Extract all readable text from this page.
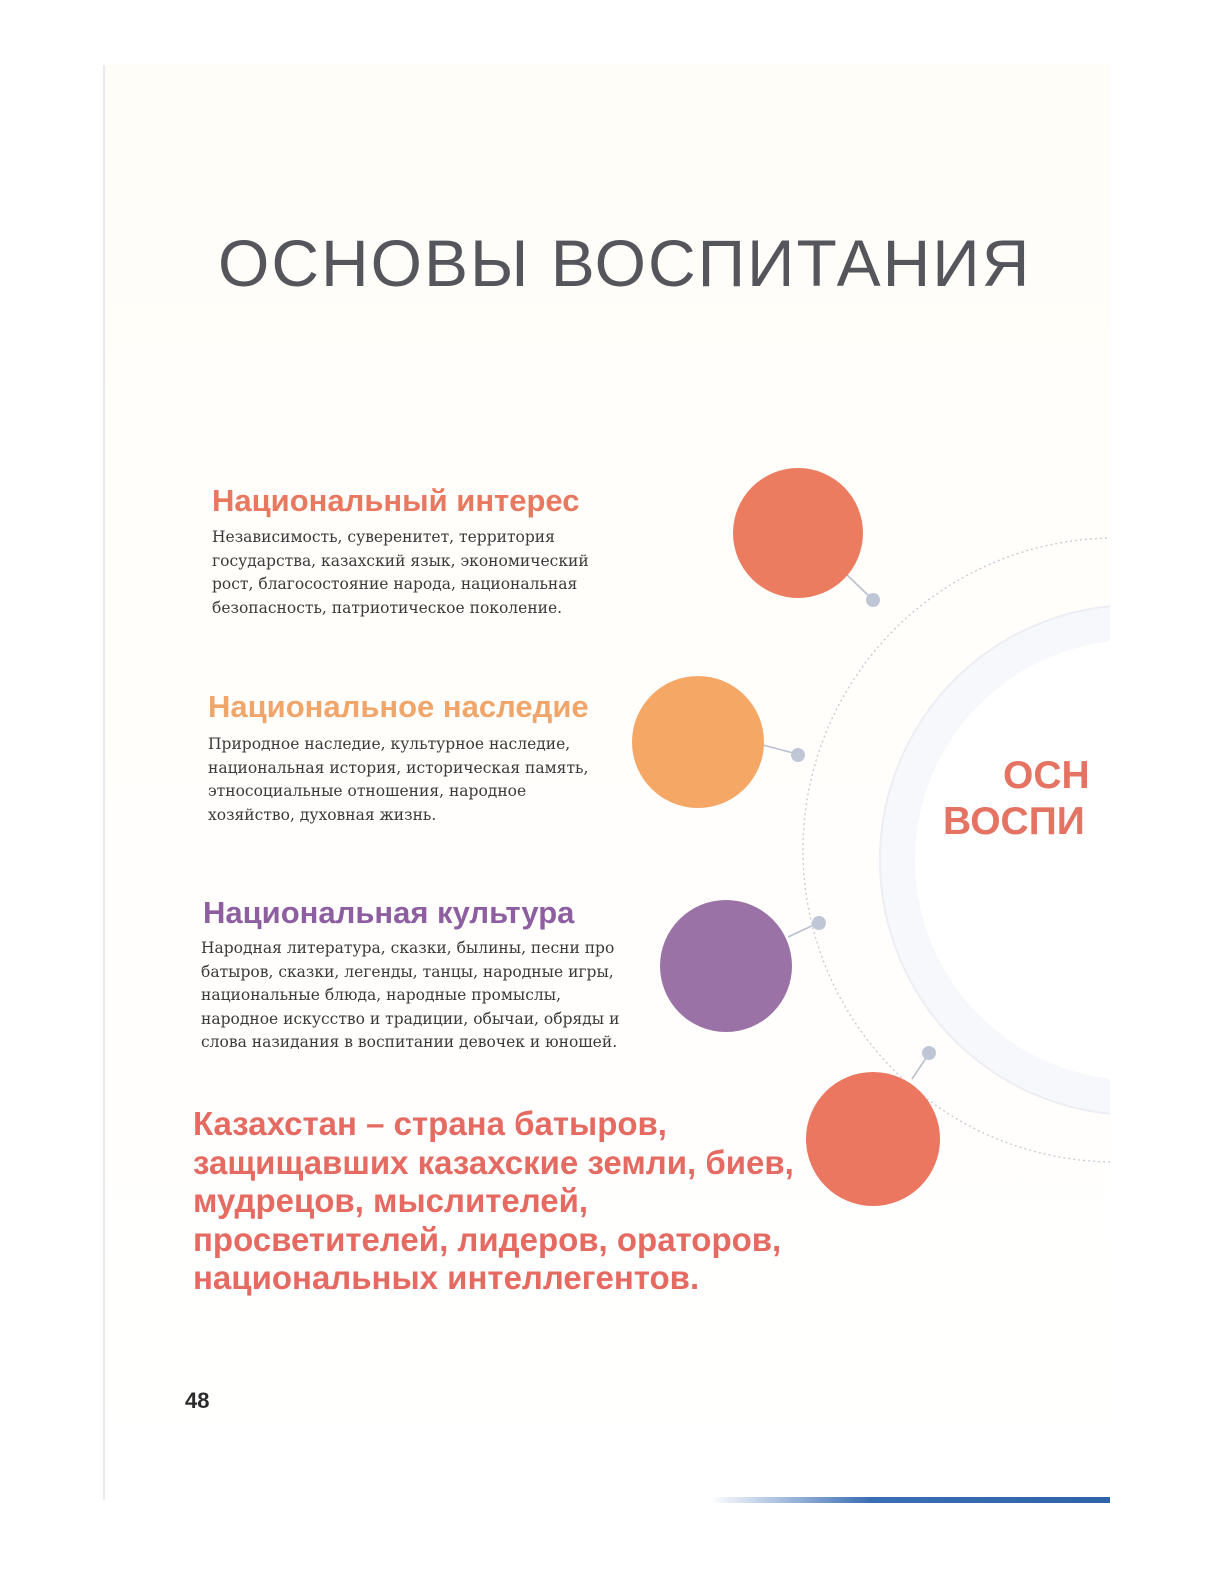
ОСНОВЫ ВОСПИТАНИЯ
Национальный интерес

Независимость, суверенитет, территория государства, казахский язык, экономический рост, благосостояние народа, национальная безопасность, патриотическое поколение.

Национальное наследие

Природное наследие, культурное наследие, национальная история, историческая память, этносоциальные отношения, народное хозяйство, духовная жизнь.

Национальная культура

Народная литература, сказки, былины, песни про батыров, сказки, легенды, танцы, народные игры, национальные блюда, народные промыслы, народное искусство и традиции, обычаи, обряды и слова назидания в воспитании девочек и юношей.

Казахстан – страна батыров, защищавших казахские земли, биев, мудрецов, мыслителей, просветителей, лидеров, ораторов, национальных интеллегентов.

ОСН
ВОСПИ

48
